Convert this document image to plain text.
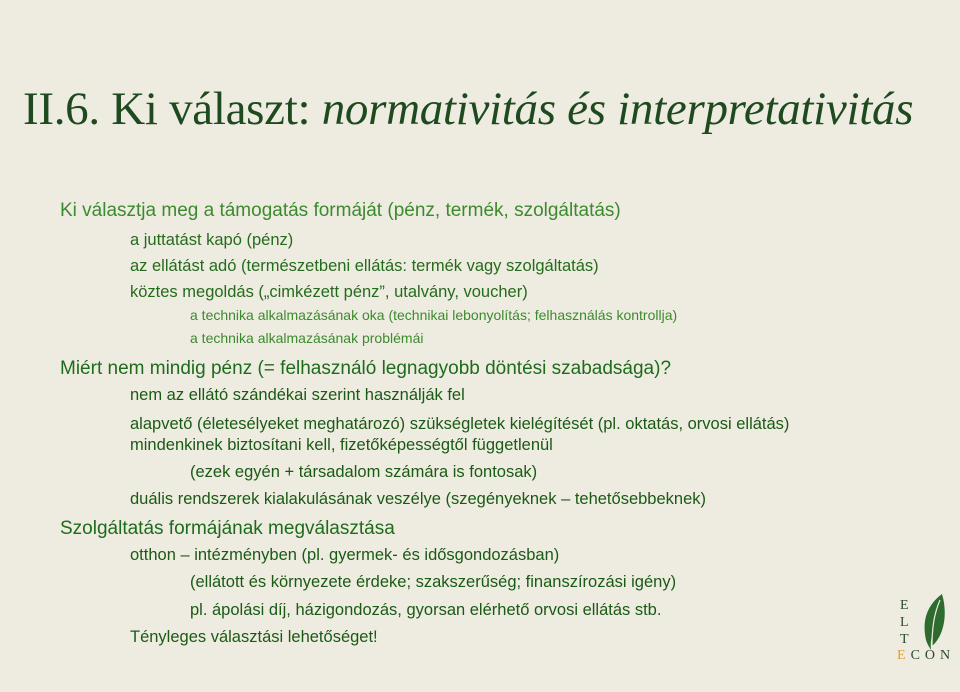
II.6. Ki választ: normativitás és interpretativitás
Ki választja meg a támogatás formáját (pénz, termék, szolgáltatás)
a juttatást kapó (pénz)
az ellátást adó (természetbeni ellátás: termék vagy szolgáltatás)
köztes megoldás („cimkézett pénz”, utalvány, voucher)
a technika alkalmazásának oka (technikai lebonyolítás; felhasználás kontrollja)
a technika alkalmazásának problémái
Miért nem mindig pénz (= felhasználó legnagyobb döntési szabadsága)?
nem az ellátó szándékai szerint használják fel
alapvető (életesélyeket meghatározó) szükségletek kielégítését (pl. oktatás, orvosi ellátás)
mindenkinek biztosítani kell, fizetőképességtől függetlenül
(ezek egyén + társadalom számára is fontosak)
duális rendszerek kialakulásának veszélye (szegényeknek – tehetősebbeknek)
Szolgáltatás formájának megválasztása
otthon – intézményben (pl. gyermek- és idősgondozásban)
(ellátott és környezete érdeke; szakszerűség; finanszírozási igény)
pl. ápolási díj, házigondozás, gyorsan elérhető orvosi ellátás stb.
Tényleges választási lehetőséget!
E
L
T
ECON
